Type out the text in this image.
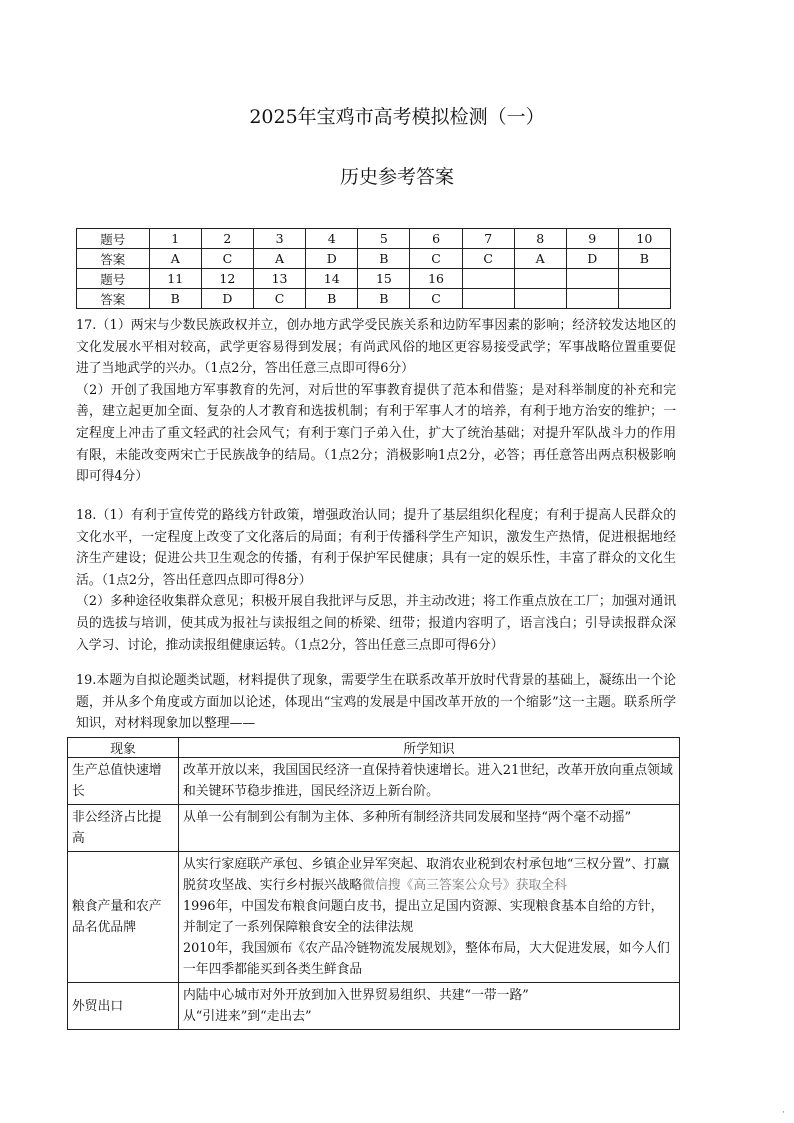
2025年宝鸡市高考模拟检测（一）
历史参考答案
题号	1	2	3	4	5	6	7	8	9	10
答案	A	C	A	D	B	C	C	A	D	B
题号	11	12	13	14	15	16				
答案	B	D	C	B	B	C				
17.（1）两宋与少数民族政权并立，创办地方武学受民族关系和边防军事因素的影响；经济较发达地区的文化发展水平相对较高，武学更容易得到发展；有尚武风俗的地区更容易接受武学；军事战略位置重要促进了当地武学的兴办。（1点2分，答出任意三点即可得6分）
（2）开创了我国地方军事教育的先河，对后世的军事教育提供了范本和借鉴；是对科举制度的补充和完善，建立起更加全面、复杂的人才教育和选拔机制；有利于军事人才的培养，有利于地方治安的维护；一定程度上冲击了重文轻武的社会风气；有利于寒门子弟入仕，扩大了统治基础；对提升军队战斗力的作用有限，未能改变两宋亡于民族战争的结局。（1点2分；消极影响1点2分，必答；再任意答出两点积极影响即可得4分）
18.（1）有利于宣传党的路线方针政策，增强政治认同；提升了基层组织化程度；有利于提高人民群众的文化水平，一定程度上改变了文化落后的局面；有利于传播科学生产知识，激发生产热情，促进根据地经济生产建设；促进公共卫生观念的传播，有利于保护军民健康；具有一定的娱乐性，丰富了群众的文化生活。（1点2分，答出任意四点即可得8分）
（2）多种途径收集群众意见；积极开展自我批评与反思，并主动改进；将工作重点放在工厂；加强对通讯员的选拔与培训，使其成为报社与读报组之间的桥梁、纽带；报道内容明了，语言浅白；引导读报群众深入学习、讨论，推动读报组健康运转。（1点2分，答出任意三点即可得6分）
19.本题为自拟论题类试题，材料提供了现象，需要学生在联系改革开放时代背景的基础上，凝练出一个论题，并从多个角度或方面加以论述，体现出“宝鸡的发展是中国改革开放的一个缩影”这一主题。联系所学知识，对材料现象加以整理——
现象	所学知识
生产总值快速增长	改革开放以来，我国国民经济一直保持着快速增长。进入21世纪，改革开放向重点领域和关键环节稳步推进，国民经济迈上新台阶。

非公经济占比提高	从单一公有制到公有制为主体、多种所有制经济共同发展和坚持“两个毫不动摇”

粮食产量和农产品名优品牌	从实行家庭联产承包、乡镇企业异军突起、取消农业税到农村承包地“三权分置”、打赢脱贫攻坚战、实行乡村振兴战略微信搜《高三答案公众号》获取全科
1996年，中国发布粮食问题白皮书，提出立足国内资源、实现粮食基本自给的方针，并制定了一系列保障粮食安全的法律法规
2010年，我国颁布《农产品冷链物流发展规划》，整体布局，大大促进发展，如今人们一年四季都能买到各类生鲜食品

外贸出口	内陆中心城市对外开放到加入世界贸易组织、共建“一带一路”
从“引进来”到“走出去”
·
